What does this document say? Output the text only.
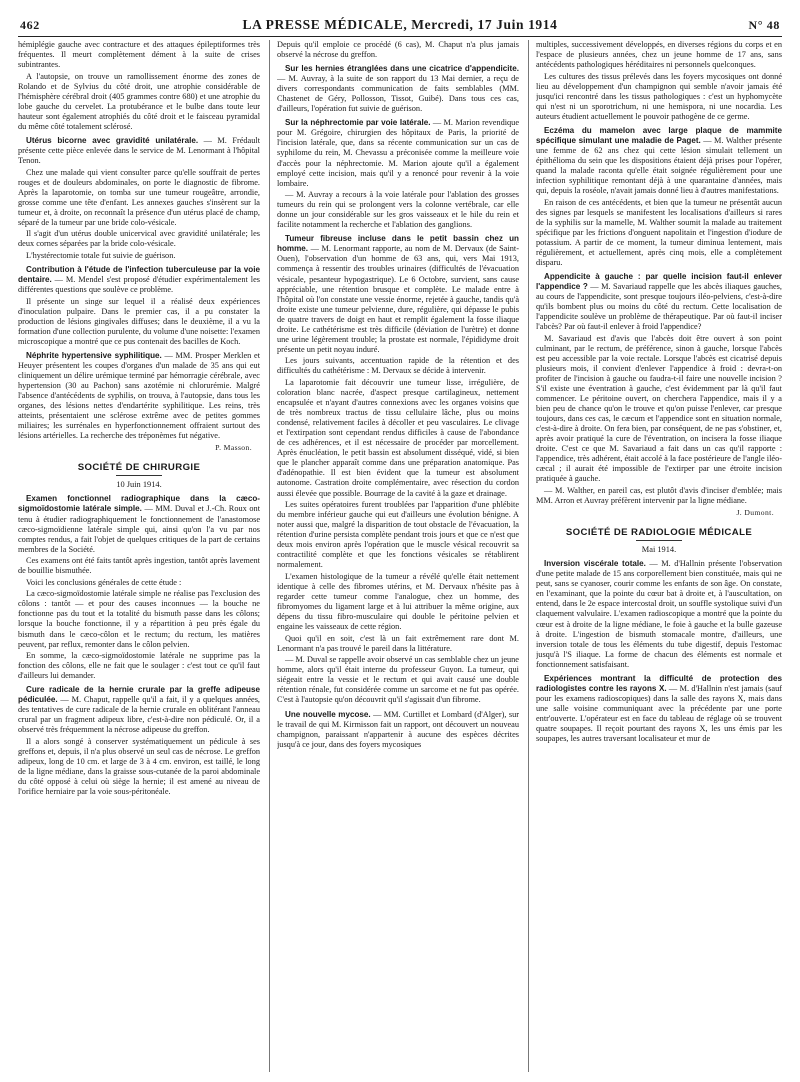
462	LA PRESSE MÉDICALE, Mercredi, 17 Juin 1914	N° 48

hémiplégie gauche avec contracture et des attaques épileptiformes très fréquentes. Il meurt complètement dément à la suite de crises subintrantes.

A l'autopsie, on trouve un ramollissement énorme des zones de Rolando et de Sylvius du côté droit, une atrophie considérable de l'hémisphère cérébral droit (405 grammes contre 680) et une atrophie du lobe gauche du cervelet. La protubérance et le bulbe dans toute leur hauteur sont également atrophiés du côté droit et le faisceau pyramidal du même côté totalement sclérosé.

Utérus bicorne avec gravidité unilatérale. — M. Frédault présente cette pièce enlevée dans le service de M. Lenormant à l'hôpital Tenon.

Chez une malade qui vient consulter parce qu'elle souffrait de pertes rouges et de douleurs abdominales, on porte le diagnostic de fibrome. Après la laparotomie, on tomba sur une tumeur rougeâtre, arrondie, grosse comme une tête d'enfant. Les annexes gauches s'insèrent sur la tumeur et, à droite, on reconnaît la présence d'un utérus placé de champ, séparé de la tumeur par une bride colo-vésicale.

Il s'agit d'un utérus double unicervical avec gravidité unilatérale; les deux cornes séparées par la bride colo-vésicale.

L'hystérectomie totale fut suivie de guérison.

Contribution à l'étude de l'infection tuberculeuse par la voie dentaire. — M. Mendel s'est proposé d'étudier expérimentalement les différentes questions que soulève ce problème.

Il présente un singe sur lequel il a réalisé deux expériences d'inoculation pulpaire. Dans le premier cas, il a pu constater la production de lésions gingivales diffuses; dans le deuxième, il a vu la formation d'une collection purulente, du volume d'une noisette: l'examen microscopique a montré que ce pus contenait des bacilles de Koch.

Néphrite hypertensive syphilitique. — MM. Prosper Merklen et Heuyer présentent les coupes d'organes d'un malade de 35 ans qui eut cliniquement un délire urémique terminé par hémorragie cérébrale, avec hypertension (30 au Pachon) sans azotémie ni chlorurémie. Malgré l'absence d'antécédents de syphilis, on trouva, à l'autopsie, dans tous les organes, des lésions nettes d'endartérite syphilitique. Les reins, très atteints, présentaient une sclérose extrême avec de petites gommes miliaires; les surrénales en hyperfonctionnement offraient surtout des lésions artérielles. La recherche des tréponèmes fut négative.

P. Masson.

SOCIÉTÉ DE CHIRURGIE
10 Juin 1914.

Examen fonctionnel radiographique dans la cæco-sigmoïdostomie latérale simple. — MM. Duval et J.-Ch. Roux ont tenu à étudier radiographiquement le fonctionnement de l'anastomose cæco-sigmoïdienne latérale simple qui, ainsi qu'on l'a vu par nos comptes rendus, a fait l'objet de quelques critiques de la part de certains membres de la Société.

Ces examens ont été faits tantôt après ingestion, tantôt après lavement de bouillie bismuthée.

Voici les conclusions générales de cette étude :

La cæco-sigmoïdostomie latérale simple ne réalise pas l'exclusion des côlons : tantôt — et pour des causes inconnues — la bouche ne fonctionne pas du tout et la totalité du bismuth passe dans les côlons; lorsque la bouche fonctionne, il y a répartition à peu près égale du bismuth dans le cæco-côlon et le rectum; du rectum, les matières peuvent, par reflux, remonter dans le côlon pelvien.

En somme, la cæco-sigmoïdostomie latérale ne supprime pas la fonction des côlons, elle ne fait que le soulager : c'est tout ce qu'il faut d'ailleurs lui demander.

Cure radicale de la hernie crurale par la greffe adipeuse pédiculée. — M. Chaput, rappelle qu'il a fait, il y a quelques années, des tentatives de cure radicale de la hernie crurale en oblitérant l'anneau crural par un fragment adipeux libre, c'est-à-dire non pédiculé. Or, il a observé très fréquemment la nécrose adipeuse du greffon.

Il a alors songé à conserver systématiquement un pédicule à ses greffons et, depuis, il n'a plus observé un seul cas de nécrose. Le greffon adipeux, long de 10 cm. et large de 3 à 4 cm. environ, est taillé, le long de la ligne médiane, dans la graisse sous-cutanée de la paroi abdominale du côté opposé à celui où siège la hernie; il est amené au niveau de l'orifice herniaire par la voie sous-péritonéale.

Depuis qu'il emploie ce procédé (6 cas), M. Chaput n'a plus jamais observé la nécrose du greffon.

Sur les hernies étranglées dans une cicatrice d'appendicite. — M. Auvray, à la suite de son rapport du 13 Mai dernier, a reçu de divers correspondants communication de faits semblables (MM. Chastenet de Géry, Pollosson, Tissot, Guibé). Dans tous ces cas, d'ailleurs, l'opération fut suivie de guérison.

Sur la néphrectomie par voie latérale. — M. Marion revendique pour M. Grégoire, chirurgien des hôpitaux de Paris, la priorité de l'incision latérale, que, dans sa récente communication sur un cas de syphilome du rein, M. Chevassu a préconisée comme la meilleure voie d'accès pour la néphrectomie. M. Marion ajoute qu'il a également employé cette incision, mais qu'il y a renoncé pour revenir à la voie lombaire.

— M. Auvray a recours à la voie latérale pour l'ablation des grosses tumeurs du rein qui se prolongent vers la colonne vertébrale, car elle donne un jour considérable sur les gros vaisseaux et le hile du rein et facilite notamment la recherche et l'ablation des ganglions.

Tumeur fibreuse incluse dans le petit bassin chez un homme. — M. Lenormant rapporte, au nom de M. Dervaux (de Saint-Ouen), l'observation d'un homme de 63 ans, qui, vers Mai 1913, commença à ressentir des troubles urinaires (difficultés de l'évacuation vésicale, pesanteur hypogastrique). Le 6 Octobre, survient, sans cause appréciable, une rétention brusque et complète. Le malade entre à l'hôpital où l'on constate une vessie énorme, rejetée à gauche, tandis qu'à droite existe une tumeur pelvienne, dure, régulière, qui dépasse le pubis de quatre travers de doigt en haut et remplit également la fosse iliaque droite. Le cathétérisme est très difficile (déviation de l'urètre) et donne une urine légèrement trouble; la prostate est normale, l'épididyme droit présente un petit noyau induré.

Les jours suivants, accentuation rapide de la rétention et des difficultés du cathétérisme : M. Dervaux se décide à intervenir.

La laparotomie fait découvrir une tumeur lisse, irrégulière, de coloration blanc nacrée, d'aspect presque cartilagineux, nettement encapsulée et n'ayant d'autres connexions avec les organes voisins que de très nombreux tractus de tissu cellulaire lâche, plus ou moins condensé, relativement faciles à décoller et peu vasculaires. Le clivage et l'extirpation sont cependant rendus difficiles à cause de l'abondance de ces adhérences, et il est nécessaire de procéder par morcellement. Après énucléation, le petit bassin est absolument disséqué, vidé, si bien que le plancher apparaît comme dans une préparation anatomique. Pas d'adénopathie. Il est bien évident que la tumeur est absolument autonome. Castration droite complémentaire, avec résection du cordon aussi élevée que possible. Bourrage de la cavité à la gaze et drainage.

Les suites opératoires furent troublées par l'apparition d'une phlébite du membre inférieur gauche qui eut d'ailleurs une évolution bénigne. A noter aussi que, malgré la disparition de tout obstacle de l'évacuation, la rétention d'urine persista complète pendant trois jours et que ce n'est que deux mois environ après l'opération que le muscle vésical recouvrit sa contractilité complète et que les fonctions vésicales se rétablirent normalement.

L'examen histologique de la tumeur a révélé qu'elle était nettement identique à celle des fibromes utérins, et M. Dervaux n'hésite pas à regarder cette tumeur comme l'analogue, chez un homme, des fibromyomes du ligament large et à lui attribuer la même origine, aux dépens du tissu fibro-musculaire qui double le péritoine pelvien et engaine les vaisseaux de cette région.

Quoi qu'il en soit, c'est là un fait extrêmement rare dont M. Lenormant n'a pas trouvé le pareil dans la littérature.

— M. Duval se rappelle avoir observé un cas semblable chez un jeune homme, alors qu'il était interne du professeur Guyon. La tumeur, qui siégeait entre la vessie et le rectum et qui avait causé une double rétention rénale, fut considérée comme un sarcome et ne fut pas opérée. C'est à l'autopsie qu'on découvrit qu'il s'agissait d'un fibrome.

Une nouvelle mycose. — MM. Curtillet et Lombard (d'Alger), sur le travail de qui M. Kirmisson fait un rapport, ont découvert un nouveau champignon, paraissant n'appartenir à aucune des espèces décrites jusqu'à ce jour, dans des foyers mycosiques

multiples, successivement développés, en diverses régions du corps et en l'espace de plusieurs années, chez un jeune homme de 17 ans, sans antécédents pathologiques héréditaires ni personnels quelconques.

Les cultures des tissus prélevés dans les foyers mycosiques ont donné lieu au développement d'un champignon qui semble n'avoir jamais été jusqu'ici rencontré dans les tissus pathologiques : c'est un hyphomycète qui n'est ni un sporotrichum, ni une hemispora, ni une nocardia. Les auteurs étudient actuellement le pouvoir pathogène de ce germe.

Eczéma du mamelon avec large plaque de mammite spécifique simulant une maladie de Paget. — M. Walther présente une femme de 62 ans chez qui cette lésion simulait tellement un épithélioma du sein que les dispositions étaient déjà prises pour l'opérer, quand la malade raconta qu'elle était soignée régulièrement pour une infection syphilitique remontant déjà à une quarantaine d'années, mais qui, depuis la roséole, n'avait jamais donné lieu à d'autres manifestations.

En raison de ces antécédents, et bien que la tumeur ne présentât aucun des signes par lesquels se manifestent les localisations d'ailleurs si rares de la syphilis sur la mamelle, M. Walther soumit la malade au traitement spécifique par les frictions d'onguent napolitain et l'ingestion d'iodure de potassium. A partir de ce moment, la tumeur diminua lentement, mais régulièrement, et actuellement, après cinq mois, elle a complètement disparu.

Appendicite à gauche : par quelle incision faut-il enlever l'appendice ? — M. Savariaud rappelle que les abcès iliaques gauches, au cours de l'appendicite, sont presque toujours iléo-pelviens, c'est-à-dire qu'ils bombent plus ou moins du côté du rectum. Cette localisation de l'appendicite soulève un problème de thérapeutique. Par où faut-il inciser l'abcès? Par où faut-il enlever à froid l'appendice?

M. Savariaud est d'avis que l'abcès doit être ouvert à son point culminant, par le rectum, de préférence, sinon à gauche, lorsque l'abcès est peu accessible par la voie rectale. Lorsque l'abcès est cicatrisé depuis plusieurs mois, il convient d'enlever l'appendice à froid : devra-t-on profiter de l'incision à gauche ou faudra-t-il faire une nouvelle incision ? S'il existe une éventration à gauche, c'est évidemment par là qu'il faut commencer. Le péritoine ouvert, on cherchera l'appendice, mais il y a bien peu de chance qu'on le trouve et qu'on puisse l'enlever, car presque toujours, dans ces cas, le cæcum et l'appendice sont en situation normale, c'est-à-dire à droite. On fera bien, par conséquent, de ne pas s'obstiner, et, après avoir pratiqué la cure de l'éventration, on incisera la fosse iliaque droite. C'est ce que M. Savariaud a fait dans un cas qu'il rapporte : l'appendice, très adhérent, était accolé à la face postérieure de l'angle iléo-cæcal ; il aurait été impossible de l'extirper par une étroite incision pratiquée à gauche.

— M. Walther, en pareil cas, est plutôt d'avis d'inciser d'emblée; mais MM. Arron et Auvray préfèrent intervenir par la ligne médiane.

J. Dumont.

SOCIÉTÉ DE RADIOLOGIE MÉDICALE
Mai 1914.

Inversion viscérale totale. — M. d'Hallnin présente l'observation d'une petite malade de 15 ans corporellement bien constituée, mais qui ne peut, sans se cyanoser, courir comme les enfants de son âge. On constate, en l'examinant, que la pointe du cœur bat à droite et, à l'auscultation, on entend, dans le 2e espace intercostal droit, un souffle systolique suivi d'un claquement valvulaire. L'examen radioscopique a montré que la pointe du cœur est à droite de la ligne médiane, le foie à gauche et la bulle gazeuse à droite. L'ingestion de bismuth stomacale montre, d'ailleurs, une inversion totale de tous les éléments du tube digestif, depuis l'estomac jusqu'à l'S iliaque. La forme de chacun des éléments est normale et fonctionnement satisfaisant.

Expériences montrant la difficulté de protection des radiologistes contre les rayons X. — M. d'Hallnin n'est jamais (sauf pour les examens radioscopiques) dans la salle des rayons X, mais dans une salle voisine communiquant avec la précédente par une porte entr'ouverte. L'opérateur est en face du tableau de réglage où se trouvent quatre soupapes. Il reçoit pourtant des rayons X, les uns émis par les soupapes, les autres traversant localisateur et mur de
